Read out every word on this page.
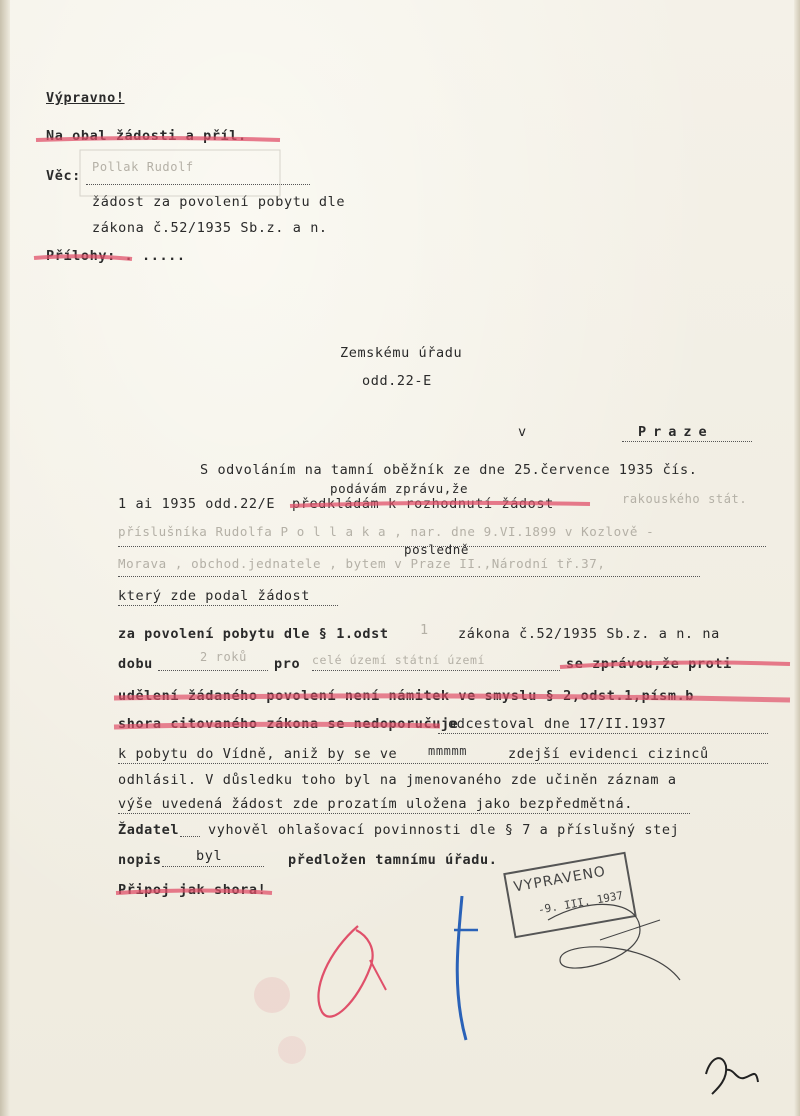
Výpravno!
Na obal žádosti a příl.
Věc:
Pollak Rudolf
žádost za povolení pobytu dle
zákona č.52/1935 Sb.z. a n.
Přílohy: . .....
Zemskému úřadu
odd.22-E
v	Praze
S odvoláním na tamní oběžník ze dne 25.července 1935 čís.
podávám zprávu,že
1 ai 1935 odd.22/E předkládám k rozhodnutí žádost	rakouského stát.
příslušníka Rudolfa P o l l a k a , nar. dne 9.VI.1899 v Kozlově -
posledně
Morava , obchod.jednatele , bytem v Praze II.,Národní tř.37,
který zde podal žádost
za povolení pobytu dle § 1.odst 1 zákona č.52/1935 Sb.z. a n. na
dobu	2 roků pro celé území státní území	se zprávou,že proti
udělení žádaného povolení není námitek ve smyslu § 2,odst.1,písm.b
shora citovaného zákona se nedoporučuje
odcestoval dne 17/II.1937
k pobytu do Vídně, aniž by se ve	mmmmm	zdejší evidenci cizinců
odhlásil. V důsledku toho byl na jmenovaného zde učiněn záznam a
výše uvedená žádost zde prozatím uložena jako bezpředmětná.
Žadatel vyhověl ohlašovací povinnosti dle § 7 a příslušný stej
nopis	byl	předložen tamnímu úřadu.
Připoj jak shora!	VYPRAVENO
-9. III. 1937
